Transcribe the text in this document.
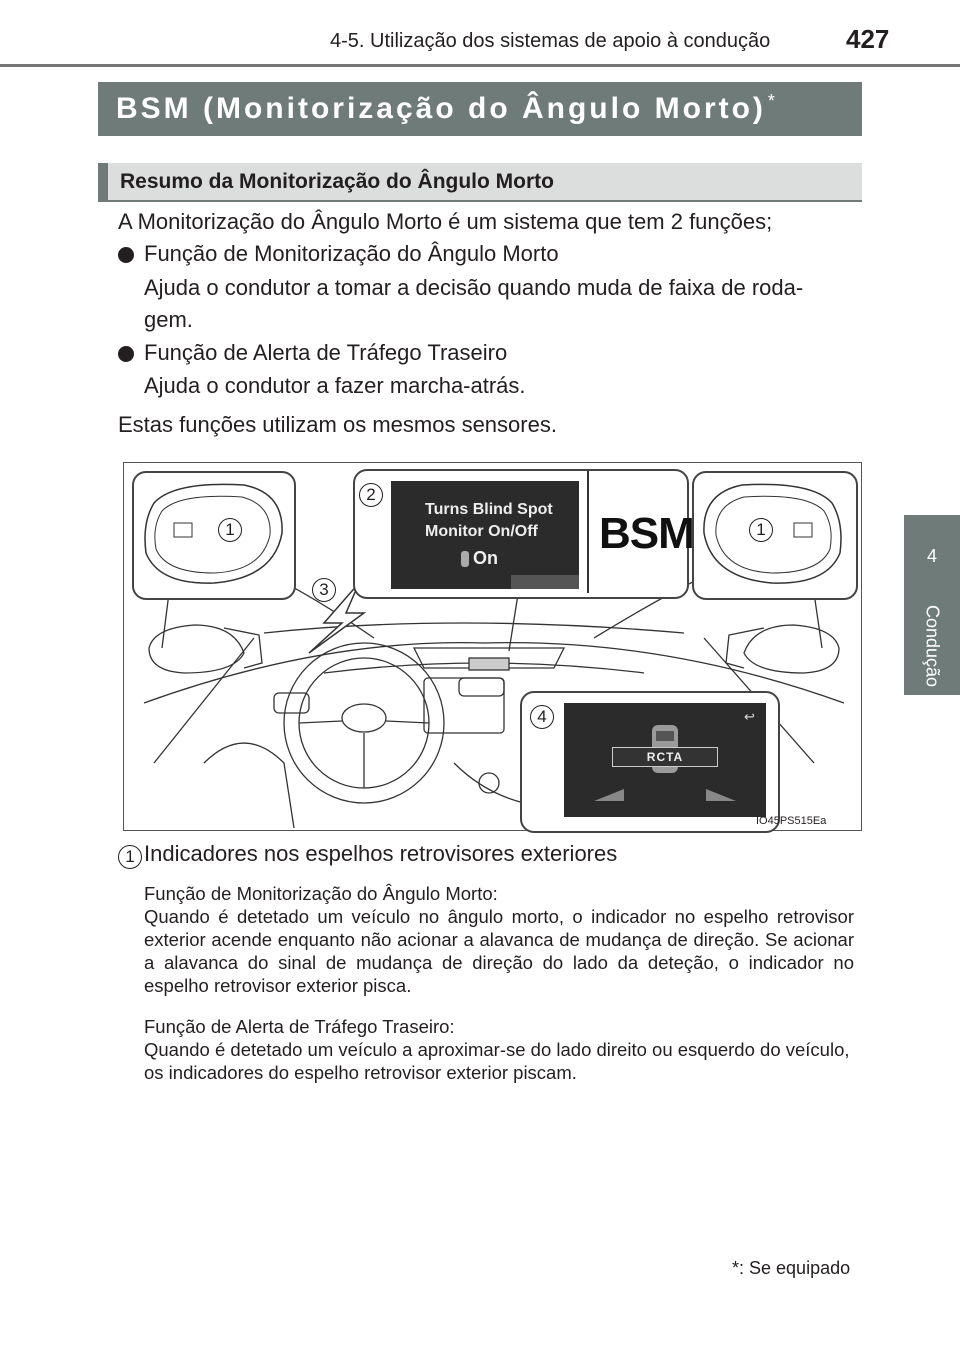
4-5. Utilização dos sistemas de apoio à condução	427
4
Condução
BSM (Monitorização do Ângulo Morto)*
Resumo da Monitorização do Ângulo Morto
A Monitorização do Ângulo Morto é um sistema que tem 2 funções;
Função de Monitorização do Ângulo Morto
Ajuda o condutor a tomar a decisão quando muda de faixa de roda-
gem.
Função de Alerta de Tráfego Traseiro
Ajuda o condutor a fazer marcha-atrás.
Estas funções utilizam os mesmos sensores.
1	1
2
Turns Blind Spot
Monitor On/Off
On BSM
3
4	↩
RCTA
IO45PS515Ea
1 Indicadores nos espelhos retrovisores exteriores
Função de Monitorização do Ângulo Morto:
Quando é detetado um veículo no ângulo morto, o indicador no espelho retrovisor exterior acende enquanto não acionar a alavanca de mudança de direção. Se acionar a alavanca do sinal de mudança de direção do lado da deteção, o indicador no espelho retrovisor exterior pisca.
Função de Alerta de Tráfego Traseiro:
Quando é detetado um veículo a aproximar-se do lado direito ou esquerdo do veículo, os indicadores do espelho retrovisor exterior piscam.
*: Se equipado
